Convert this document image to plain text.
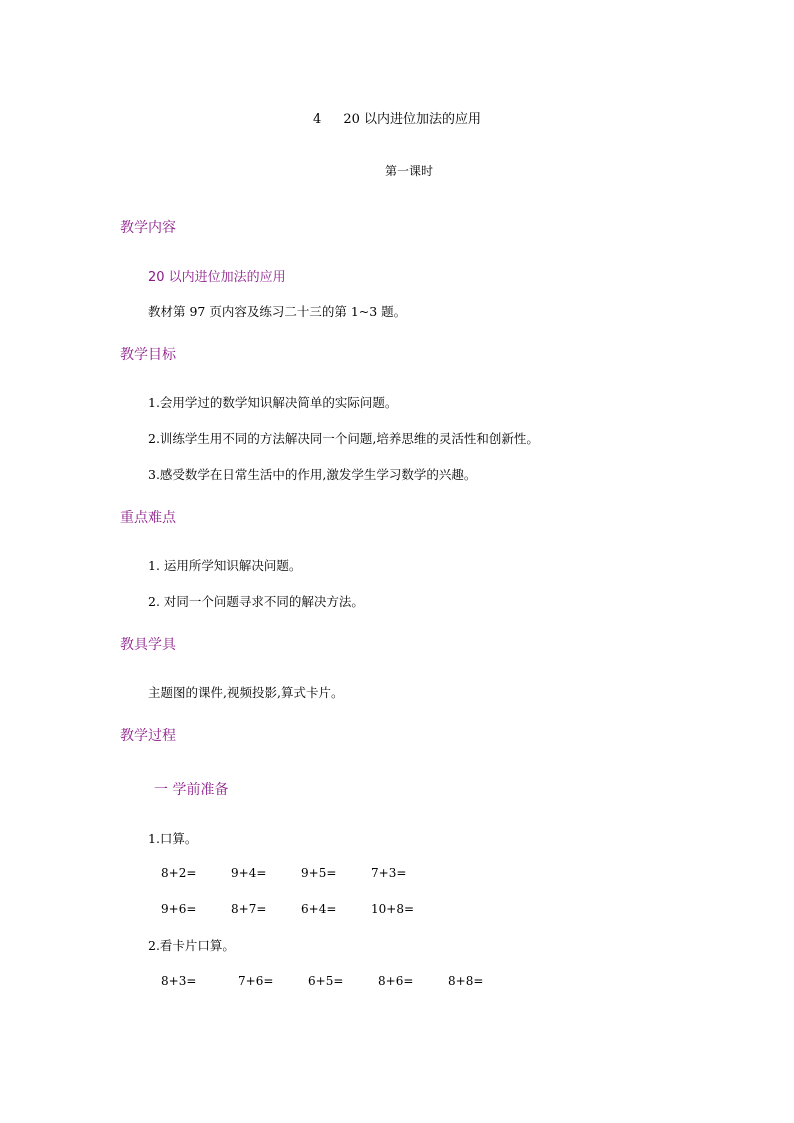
4 20 以内进位加法的应用
第一课时
教学内容
20 以内进位加法的应用
教材第 97 页内容及练习二十三的第 1~3 题。
教学目标
1.会用学过的数学知识解决简单的实际问题。
2.训练学生用不同的方法解决同一个问题,培养思维的灵活性和创新性。
3.感受数学在日常生活中的作用,激发学生学习数学的兴趣。
重点难点
1. 运用所学知识解决问题。
2. 对同一个问题寻求不同的解决方法。
教具学具
主题图的课件,视频投影,算式卡片。
教学过程
一 学前准备
1.口算。
8+2=	9+4=	9+5=	7+3=
9+6=	8+7=	6+4=	10+8=
2.看卡片口算。
8+3=	7+6=	6+5=	8+6=	8+8=
